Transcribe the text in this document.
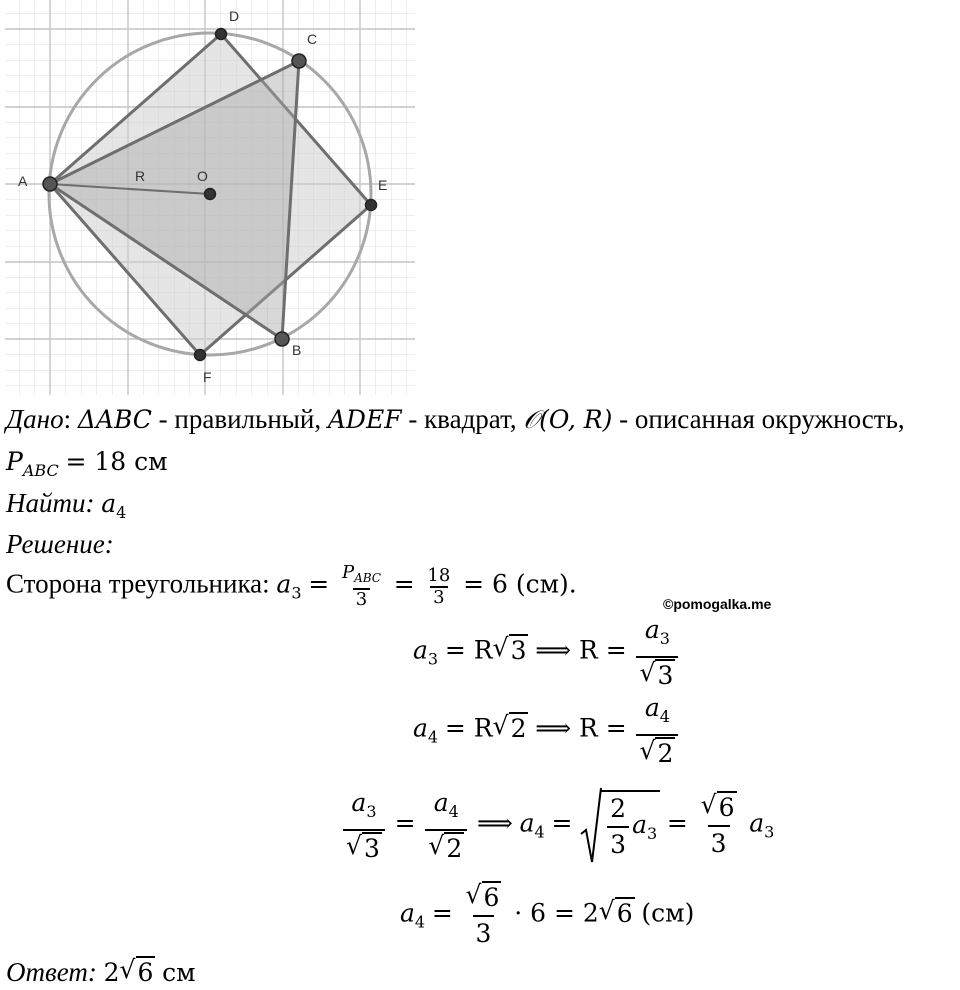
A
D
C
E
B
F
O
R
Дано: ΔABC - правильный, ADEF - квадрат, 𝒪(O, R) - описанная окружность,
$P_{ABC} = 18$ см
Найти: $a_4$
Решение:
Сторона треугольника: $a_3 = \frac{P_{ABC}}{3} = \frac{18}{3} = 6$ (см).
©pomogalka.me
$a_3 = R√$ 3 ⟹ $R = a_3$
√ 3
$a_4 = R√$ 2 ⟹ $R = a_4$
√ 2
$a_3$
√ $3 = a_4$
√ 2 ⟹ $a_4 = \frac{2}{3} a_3$ =
√ $\frac{6}{3} a_3$
$a_4$ =
√ $\frac{6}{3} \cdot 6 = 2√$ 6 (см)
Ответ: 2√ 6 см
